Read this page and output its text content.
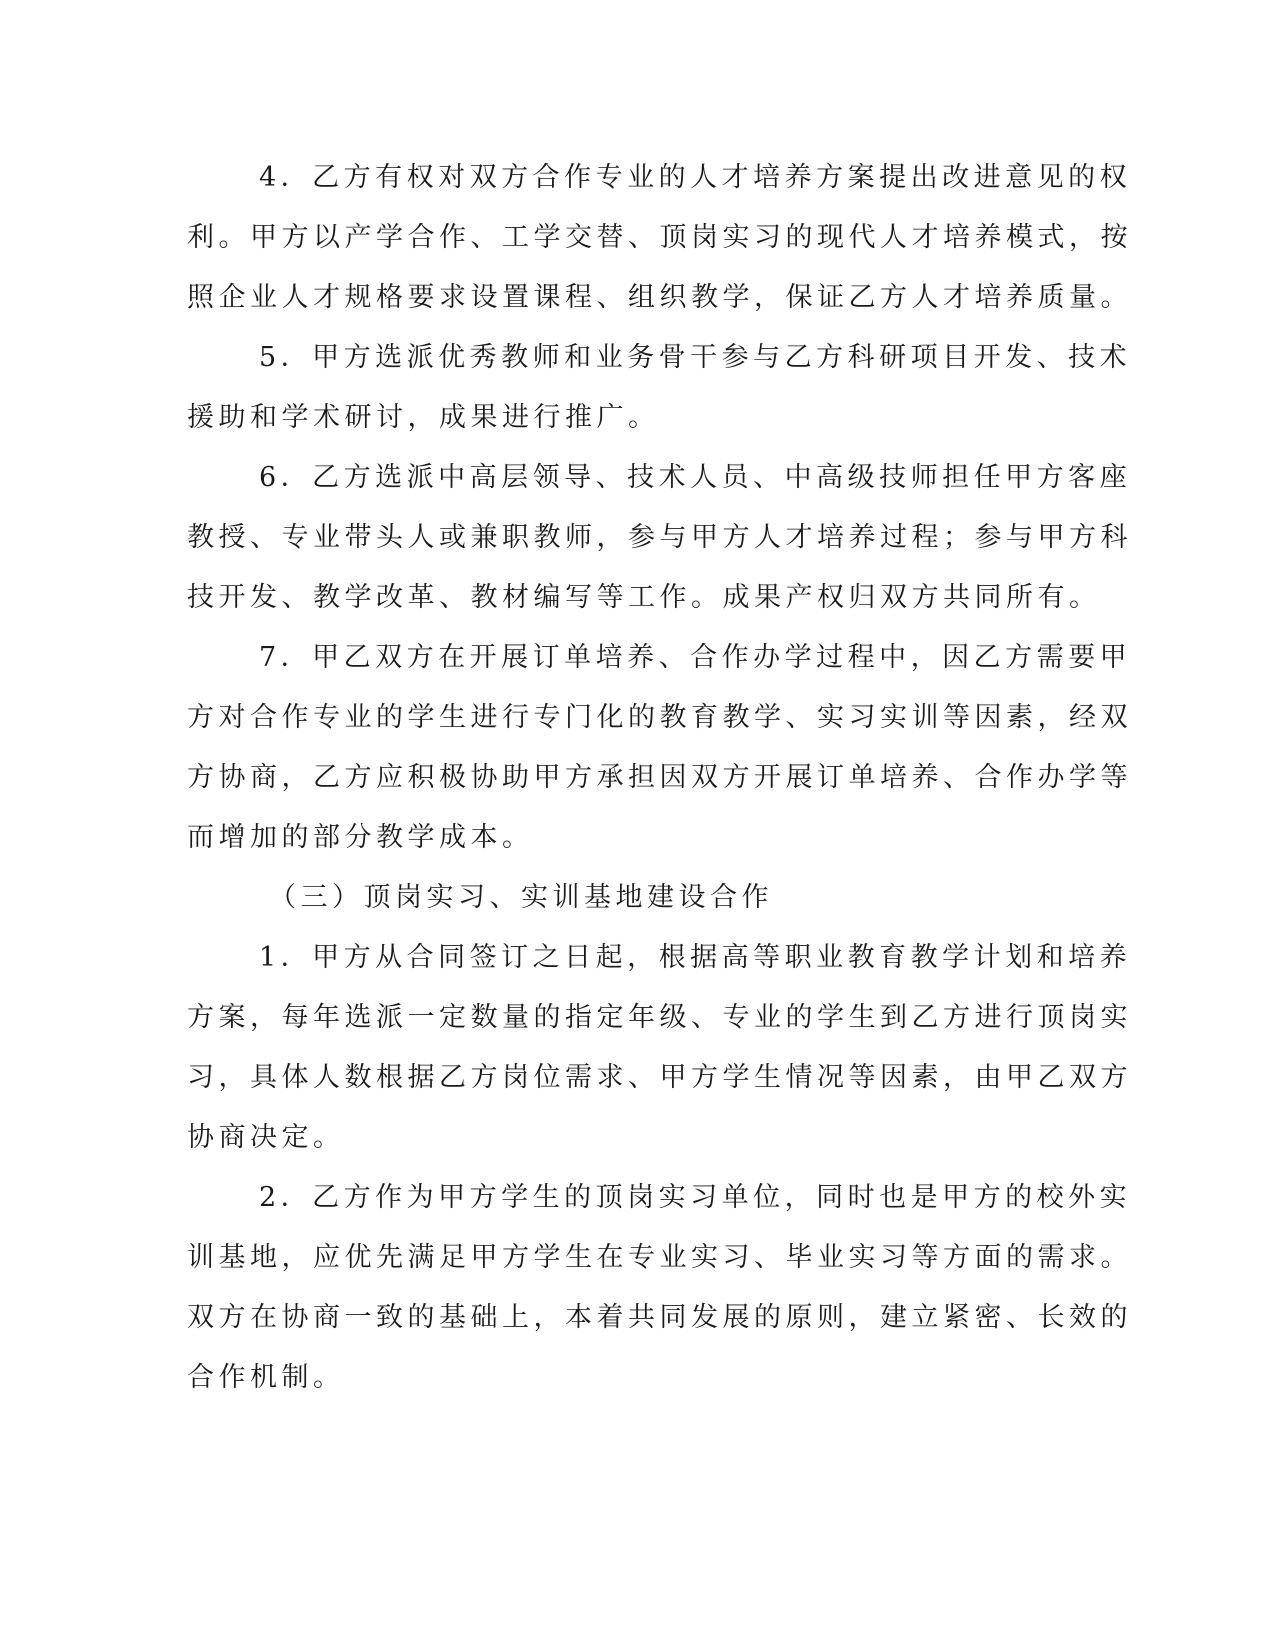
4．乙方有权对双方合作专业的人才培养方案提出改进意见的权
利。甲方以产学合作、工学交替、顶岗实习的现代人才培养模式，按
照企业人才规格要求设置课程、组织教学，保证乙方人才培养质量。
5．甲方选派优秀教师和业务骨干参与乙方科研项目开发、技术
援助和学术研讨，成果进行推广。
6．乙方选派中高层领导、技术人员、中高级技师担任甲方客座
教授、专业带头人或兼职教师，参与甲方人才培养过程；参与甲方科
技开发、教学改革、教材编写等工作。成果产权归双方共同所有。
7．甲乙双方在开展订单培养、合作办学过程中，因乙方需要甲
方对合作专业的学生进行专门化的教育教学、实习实训等因素，经双
方协商，乙方应积极协助甲方承担因双方开展订单培养、合作办学等
而增加的部分教学成本。
（三）顶岗实习、实训基地建设合作
1．甲方从合同签订之日起，根据高等职业教育教学计划和培养
方案，每年选派一定数量的指定年级、专业的学生到乙方进行顶岗实
习，具体人数根据乙方岗位需求、甲方学生情况等因素，由甲乙双方
协商决定。
2．乙方作为甲方学生的顶岗实习单位，同时也是甲方的校外实
训基地，应优先满足甲方学生在专业实习、毕业实习等方面的需求。
双方在协商一致的基础上，本着共同发展的原则，建立紧密、长效的
合作机制。
